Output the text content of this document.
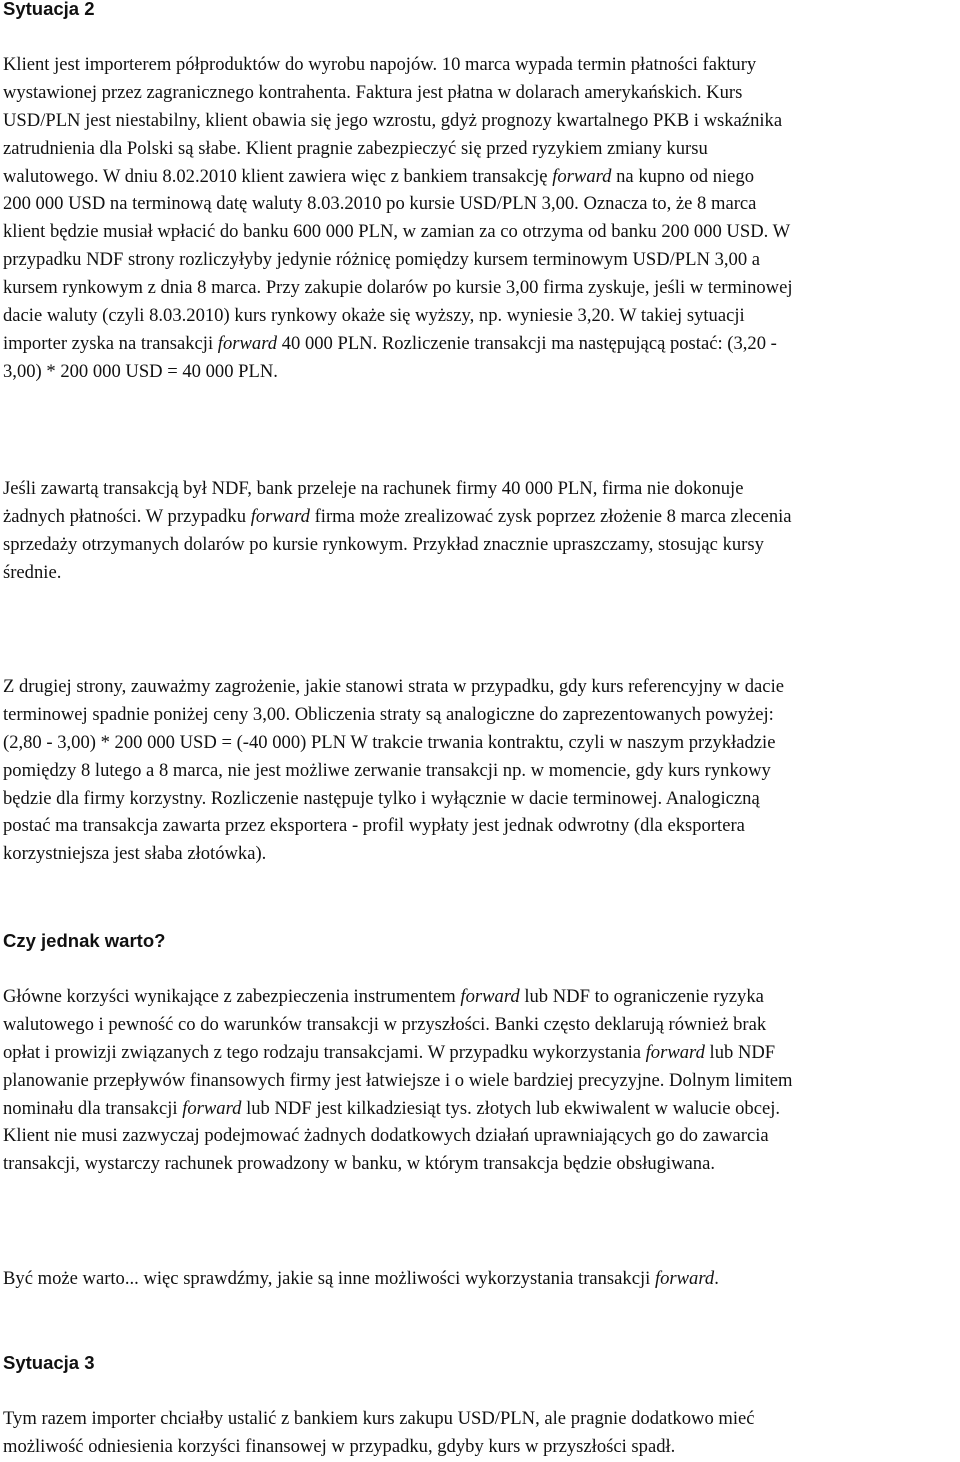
Sytuacja 2
Klient jest importerem półproduktów do wyrobu napojów. 10 marca wypada termin płatności faktury
wystawionej przez zagranicznego kontrahenta. Faktura jest płatna w dolarach amerykańskich. Kurs
USD/PLN jest niestabilny, klient obawia się jego wzrostu, gdyż prognozy kwartalnego PKB i wskaźnika
zatrudnienia dla Polski są słabe. Klient pragnie zabezpieczyć się przed ryzykiem zmiany kursu
walutowego. W dniu 8.02.2010 klient zawiera więc z bankiem transakcję forward na kupno od niego
200 000 USD na terminową datę waluty 8.03.2010 po kursie USD/PLN 3,00. Oznacza to, że 8 marca
klient będzie musiał wpłacić do banku 600 000 PLN, w zamian za co otrzyma od banku 200 000 USD. W
przypadku NDF strony rozliczyłyby jedynie różnicę pomiędzy kursem terminowym USD/PLN 3,00 a
kursem rynkowym z dnia 8 marca. Przy zakupie dolarów po kursie 3,00 firma zyskuje, jeśli w terminowej
dacie waluty (czyli 8.03.2010) kurs rynkowy okaże się wyższy, np. wyniesie 3,20. W takiej sytuacji
importer zyska na transakcji forward 40 000 PLN. Rozliczenie transakcji ma następującą postać: (3,20 -
3,00) * 200 000 USD = 40 000 PLN.
Jeśli zawartą transakcją był NDF, bank przeleje na rachunek firmy 40 000 PLN, firma nie dokonuje
żadnych płatności. W przypadku forward firma może zrealizować zysk poprzez złożenie 8 marca zlecenia
sprzedaży otrzymanych dolarów po kursie rynkowym. Przykład znacznie upraszczamy, stosując kursy
średnie.
Z drugiej strony, zauważmy zagrożenie, jakie stanowi strata w przypadku, gdy kurs referencyjny w dacie
terminowej spadnie poniżej ceny 3,00. Obliczenia straty są analogiczne do zaprezentowanych powyżej:
(2,80 - 3,00) * 200 000 USD = (-40 000) PLN W trakcie trwania kontraktu, czyli w naszym przykładzie
pomiędzy 8 lutego a 8 marca, nie jest możliwe zerwanie transakcji np. w momencie, gdy kurs rynkowy
będzie dla firmy korzystny. Rozliczenie następuje tylko i wyłącznie w dacie terminowej. Analogiczną
postać ma transakcja zawarta przez eksportera - profil wypłaty jest jednak odwrotny (dla eksportera
korzystniejsza jest słaba złotówka).
Czy jednak warto?
Główne korzyści wynikające z zabezpieczenia instrumentem forward lub NDF to ograniczenie ryzyka
walutowego i pewność co do warunków transakcji w przyszłości. Banki często deklarują również brak
opłat i prowizji związanych z tego rodzaju transakcjami. W przypadku wykorzystania forward lub NDF
planowanie przepływów finansowych firmy jest łatwiejsze i o wiele bardziej precyzyjne. Dolnym limitem
nominału dla transakcji forward lub NDF jest kilkadziesiąt tys. złotych lub ekwiwalent w walucie obcej.
Klient nie musi zazwyczaj podejmować żadnych dodatkowych działań uprawniających go do zawarcia
transakcji, wystarczy rachunek prowadzony w banku, w którym transakcja będzie obsługiwana.
Być może warto... więc sprawdźmy, jakie są inne możliwości wykorzystania transakcji forward.
Sytuacja 3
Tym razem importer chciałby ustalić z bankiem kurs zakupu USD/PLN, ale pragnie dodatkowo mieć
możliwość odniesienia korzyści finansowej w przypadku, gdyby kurs w przyszłości spadł.
